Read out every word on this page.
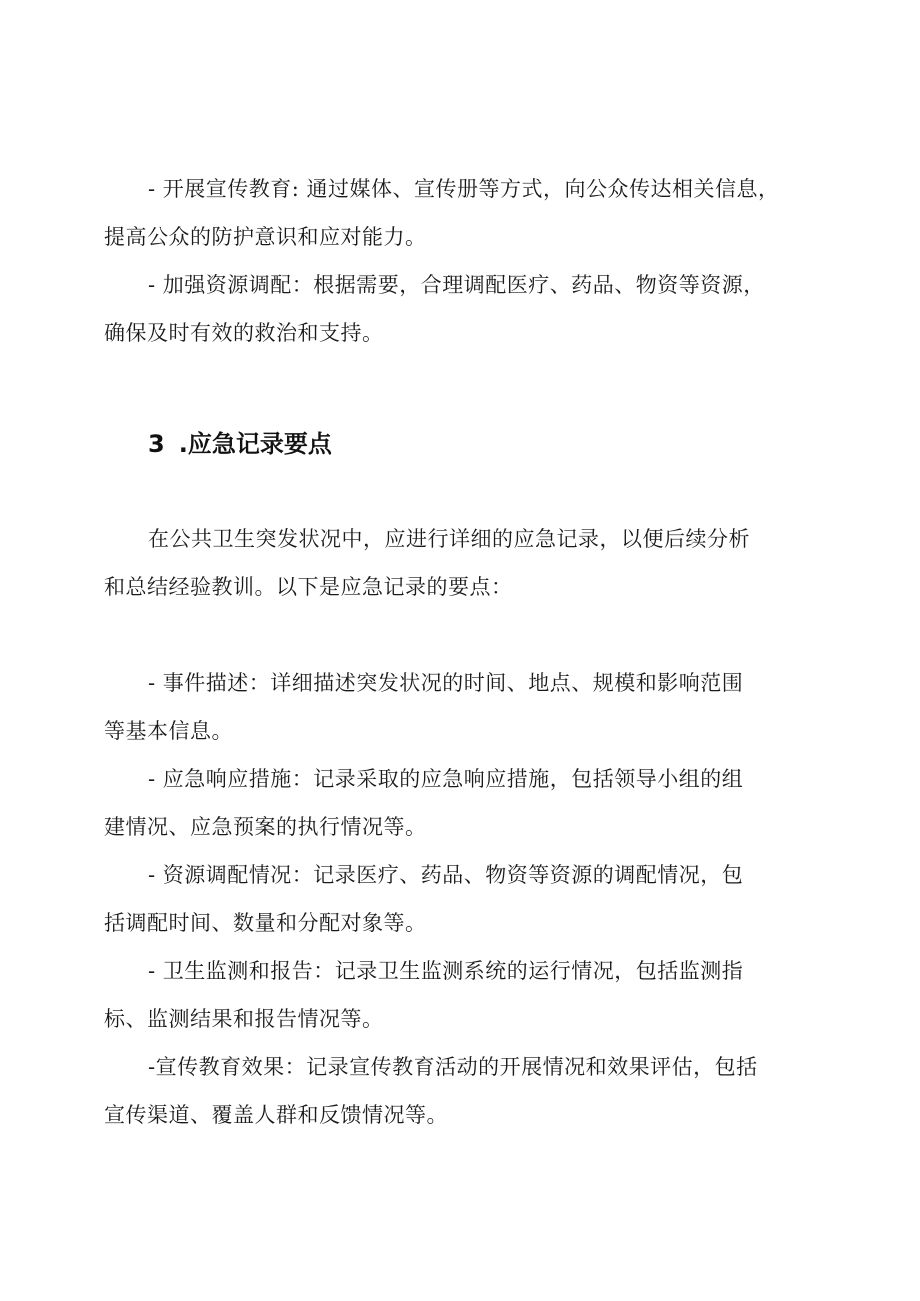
- 开展宣传教育: 通过媒体、宣传册等方式，向公众传达相关信息，
提高公众的防护意识和应对能力。
- 加强资源调配：根据需要，合理调配医疗、药品、物资等资源，
确保及时有效的救治和支持。
3 .应急记录要点
在公共卫生突发状况中，应进行详细的应急记录，以便后续分析
和总结经验教训。以下是应急记录的要点：
- 事件描述：详细描述突发状况的时间、地点、规模和影响范围
等基本信息。
- 应急响应措施：记录采取的应急响应措施，包括领导小组的组
建情况、应急预案的执行情况等。
- 资源调配情况：记录医疗、药品、物资等资源的调配情况，包
括调配时间、数量和分配对象等。
- 卫生监测和报告：记录卫生监测系统的运行情况，包括监测指
标、监测结果和报告情况等。
-宣传教育效果：记录宣传教育活动的开展情况和效果评估，包括
宣传渠道、覆盖人群和反馈情况等。
